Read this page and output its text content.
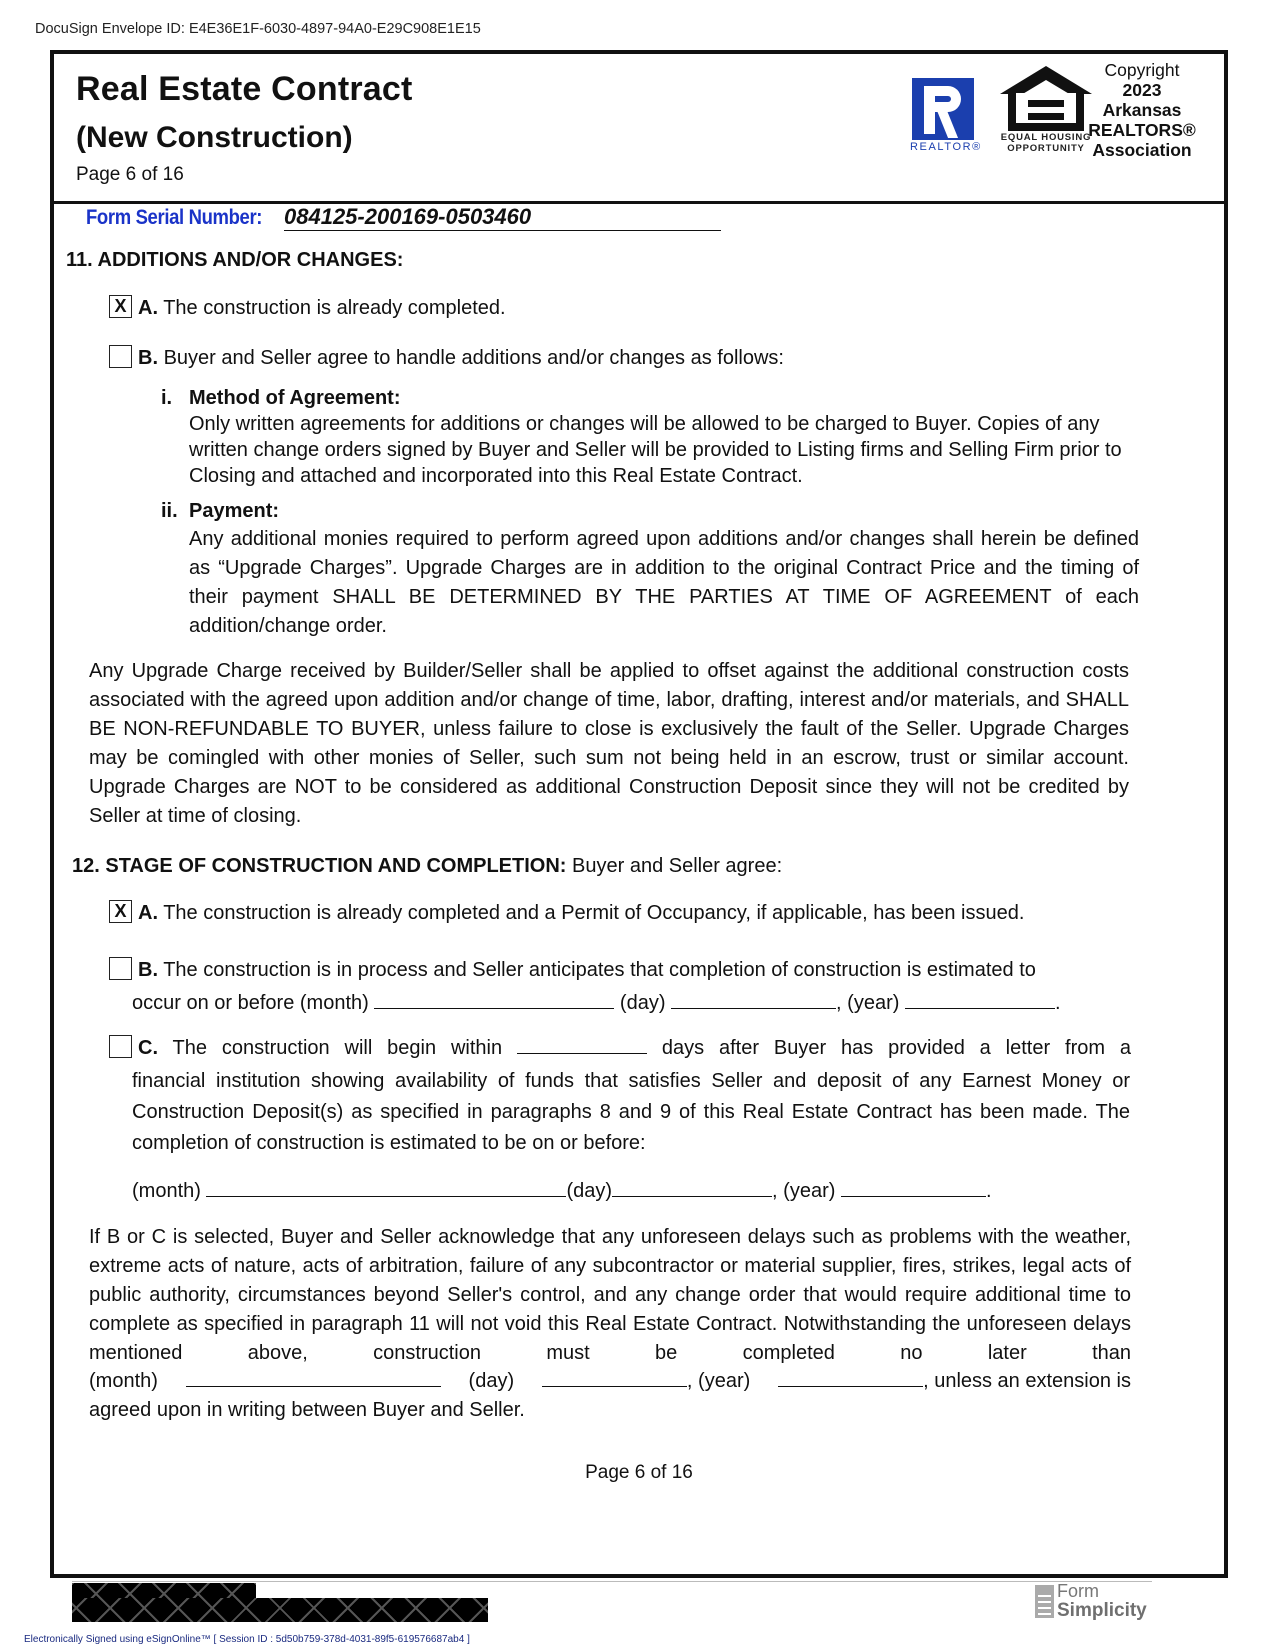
DocuSign Envelope ID: E4E36E1F-6030-4897-94A0-E29C908E1E15
Real Estate Contract
(New Construction)
Page 6 of 16
REALTOR®
EQUAL HOUSING
OPPORTUNITY
Copyright
2023
Arkansas
REALTORS®
Association
Form Serial Number: 084125-200169-0503460
11. ADDITIONS AND/OR CHANGES:
X A. The construction is already completed.
B. Buyer and Seller agree to handle additions and/or changes as follows:
i. Method of Agreement:
Only written agreements for additions or changes will be allowed to be charged to Buyer. Copies of any written change orders signed by Buyer and Seller will be provided to Listing firms and Selling Firm prior to Closing and attached and incorporated into this Real Estate Contract.
ii. Payment:
Any additional monies required to perform agreed upon additions and/or changes shall herein be defined as “Upgrade Charges”. Upgrade Charges are in addition to the original Contract Price and the timing of their payment SHALL BE DETERMINED BY THE PARTIES AT TIME OF AGREEMENT of each addition/change order.
Any Upgrade Charge received by Builder/Seller shall be applied to offset against the additional construction costs associated with the agreed upon addition and/or change of time, labor, drafting, interest and/or materials, and SHALL BE NON-REFUNDABLE TO BUYER, unless failure to close is exclusively the fault of the Seller. Upgrade Charges may be comingled with other monies of Seller, such sum not being held in an escrow, trust or similar account. Upgrade Charges are NOT to be considered as additional Construction Deposit since they will not be credited by Seller at time of closing.
12. STAGE OF CONSTRUCTION AND COMPLETION: Buyer and Seller agree:
X A. The construction is already completed and a Permit of Occupancy, if applicable, has been issued.
B. The construction is in process and Seller anticipates that completion of construction is estimated to
occur on or before (month)	(day)	, (year)	.
C. The construction will begin within	days after Buyer has provided a letter from a
financial institution showing availability of funds that satisfies Seller and deposit of any Earnest Money or Construction Deposit(s) as specified in paragraphs 8 and 9 of this Real Estate Contract has been made. The completion of construction is estimated to be on or before:
(month)	(day)	, (year)	.
If B or C is selected, Buyer and Seller acknowledge that any unforeseen delays such as problems with the weather, extreme acts of nature, acts of arbitration, failure of any subcontractor or material supplier, fires, strikes, legal acts of public authority, circumstances beyond Seller's control, and any change order that would require additional time to complete as specified in paragraph 11 will not void this Real Estate Contract. Notwithstanding the unforeseen delays mentioned above, construction must be completed no later than
(month)	(day)	, (year)	, unless an extension is
agreed upon in writing between Buyer and Seller.
Page 6 of 16
Form
Simplicity
Electronically Signed using eSignOnline™ [ Session ID : 5d50b759-378d-4031-89f5-619576687ab4 ]
